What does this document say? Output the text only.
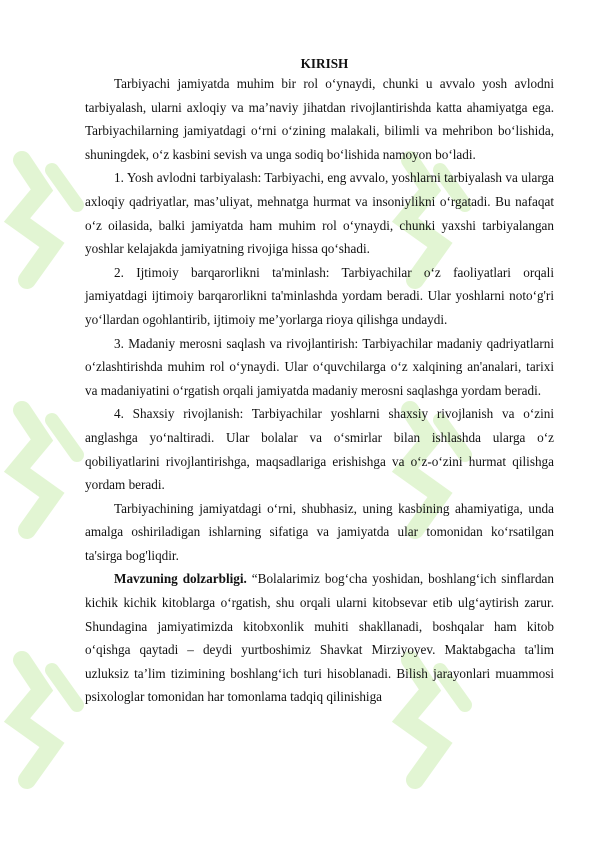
KIRISH

Tarbiyachi jamiyatda muhim bir rol o‘ynaydi, chunki u avvalo yosh avlodni tarbiyalash, ularni axloqiy va ma’naviy jihatdan rivojlantirishda katta ahamiyatga ega. Tarbiyachilarning jamiyatdagi o‘rni o‘zining malakali, bilimli va mehribon bo‘lishida, shuningdek, o‘z kasbini sevish va unga sodiq bo‘lishida namoyon bo‘ladi.

1. Yosh avlodni tarbiyalash: Tarbiyachi, eng avvalo, yoshlarni tarbiyalash va ularga axloqiy qadriyatlar, mas’uliyat, mehnatga hurmat va insoniylikni o‘rgatadi. Bu nafaqat o‘z oilasida, balki jamiyatda ham muhim rol o‘ynaydi, chunki yaxshi tarbiyalangan yoshlar kelajakda jamiyatning rivojiga hissa qo‘shadi.

2. Ijtimoiy barqarorlikni ta'minlash: Tarbiyachilar o‘z faoliyatlari orqali jamiyatdagi ijtimoiy barqarorlikni ta'minlashda yordam beradi. Ular yoshlarni noto‘g'ri yo‘llardan ogohlantirib, ijtimoiy me’yorlarga rioya qilishga undaydi.

3. Madaniy merosni saqlash va rivojlantirish: Tarbiyachilar madaniy qadriyatlarni o‘zlashtirishda muhim rol o‘ynaydi. Ular o‘quvchilarga o‘z xalqining an'analari, tarixi va madaniyatini o‘rgatish orqali jamiyatda madaniy merosni saqlashga yordam beradi.

4. Shaxsiy rivojlanish: Tarbiyachilar yoshlarni shaxsiy rivojlanish va o‘zini anglashga yo‘naltiradi. Ular bolalar va o‘smirlar bilan ishlashda ularga o‘z qobiliyatlarini rivojlantirishga, maqsadlariga erishishga va o‘z-o‘zini hurmat qilishga yordam beradi.

Tarbiyachining jamiyatdagi o‘rni, shubhasiz, uning kasbining ahamiyatiga, unda amalga oshiriladigan ishlarning sifatiga va jamiyatda ular tomonidan ko‘rsatilgan ta'sirga bog'liqdir.

Mavzuning dolzarbligi. “Bolalarimiz bog‘cha yoshidan, boshlang‘ich sinflardan kichik kichik kitoblarga o‘rgatish, shu orqali ularni kitobsevar etib ulg‘aytirish zarur. Shundagina jamiyatimizda kitobxonlik muhiti shakllanadi, boshqalar ham kitob o‘qishga qaytadi – deydi yurtboshimiz Shavkat Mirziyoyev. Maktabgacha ta'lim uzluksiz ta’lim tizimining boshlang‘ich turi hisoblanadi. Bilish jarayonlari muammosi psixologlar tomonidan har tomonlama tadqiq qilinishiga
